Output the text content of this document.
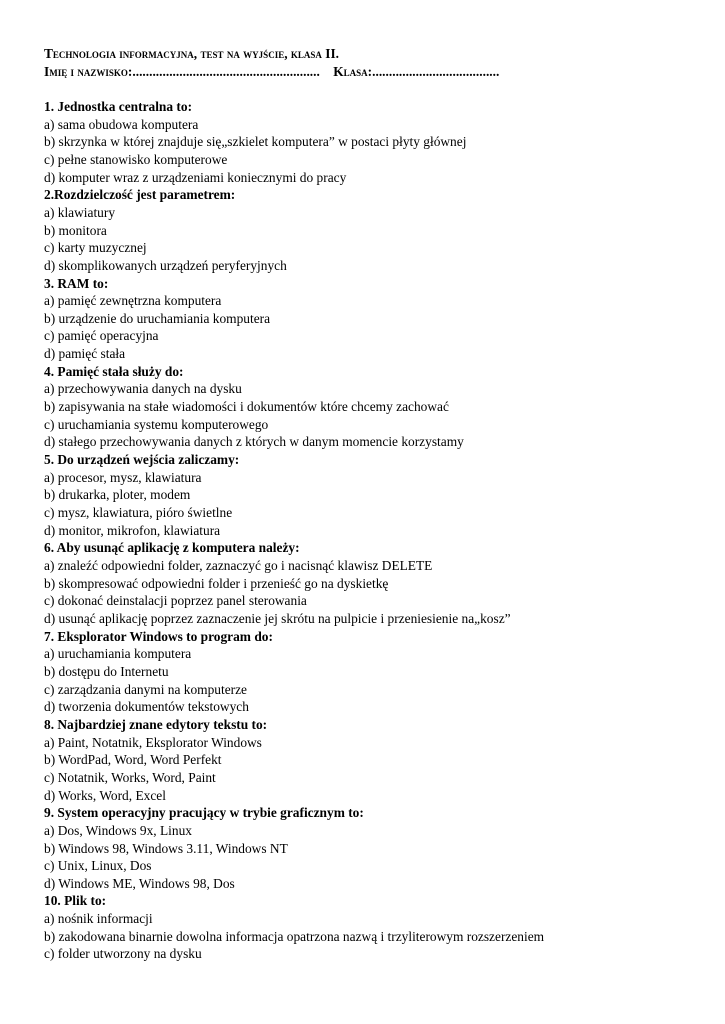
Technologia informacyjna, test na wyjście, klasa II.
Imię i nazwisko:........................................................ Klasa:......................................
1. Jednostka centralna to:
a) sama obudowa komputera
b) skrzynka w której znajduje się„szkielet komputera” w postaci płyty głównej
c) pełne stanowisko komputerowe
d) komputer wraz z urządzeniami koniecznymi do pracy
2.Rozdzielczość jest parametrem:
a) klawiatury
b) monitora
c) karty muzycznej
d) skomplikowanych urządzeń peryferyjnych
3. RAM to:
a) pamięć zewnętrzna komputera
b) urządzenie do uruchamiania komputera
c) pamięć operacyjna
d) pamięć stała
4. Pamięć stała służy do:
a) przechowywania danych na dysku
b) zapisywania na stałe wiadomości i dokumentów które chcemy zachować
c) uruchamiania systemu komputerowego
d) stałego przechowywania danych z których w danym momencie korzystamy
5. Do urządzeń wejścia zaliczamy:
a) procesor, mysz, klawiatura
b) drukarka, ploter, modem
c) mysz, klawiatura, pióro świetlne
d) monitor, mikrofon, klawiatura
6. Aby usunąć aplikację z komputera należy:
a) znaleźć odpowiedni folder, zaznaczyć go i nacisnąć klawisz DELETE
b) skompresować odpowiedni folder i przenieść go na dyskietkę
c) dokonać deinstalacji poprzez panel sterowania
d) usunąć aplikację poprzez zaznaczenie jej skrótu na pulpicie i przeniesienie na„kosz”
7. Eksplorator Windows to program do:
a) uruchamiania komputera
b) dostępu do Internetu
c) zarządzania danymi na komputerze
d) tworzenia dokumentów tekstowych
8. Najbardziej znane edytory tekstu to:
a) Paint, Notatnik, Eksplorator Windows
b) WordPad, Word, Word Perfekt
c) Notatnik, Works, Word, Paint
d) Works, Word, Excel
9. System operacyjny pracujący w trybie graficznym to:
a) Dos, Windows 9x, Linux
b) Windows 98, Windows 3.11, Windows NT
c) Unix, Linux, Dos
d) Windows ME, Windows 98, Dos
10. Plik to:
a) nośnik informacji
b) zakodowana binarnie dowolna informacja opatrzona nazwą i trzyliterowym rozszerzeniem
c) folder utworzony na dysku
